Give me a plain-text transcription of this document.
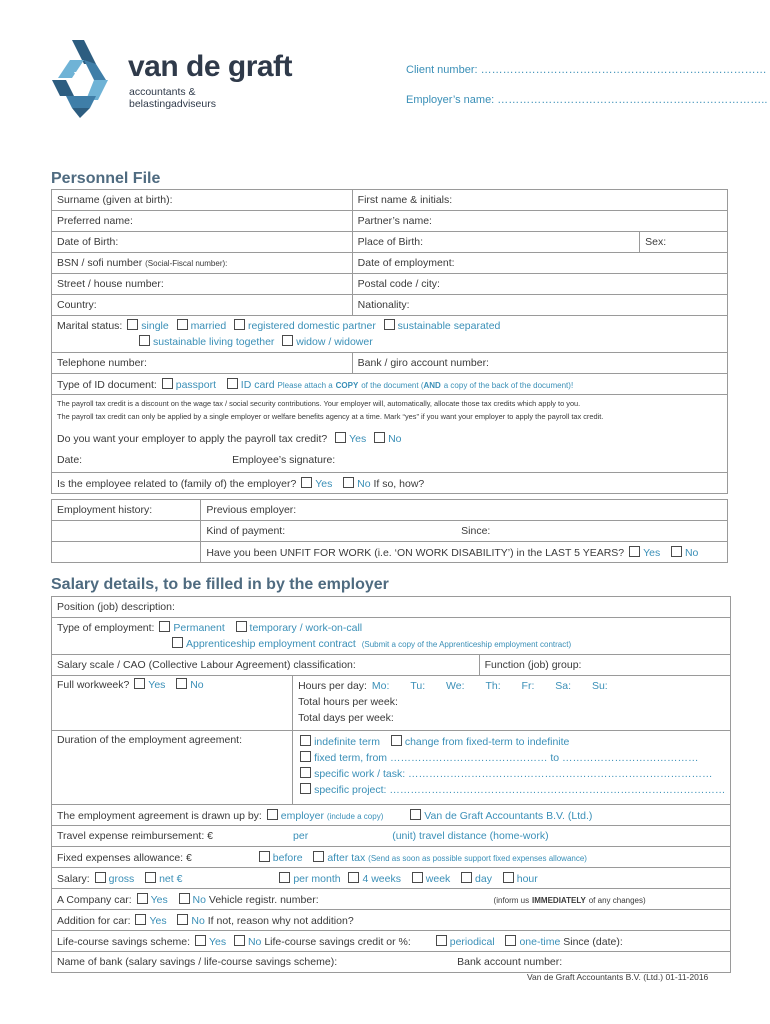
van de graft
accountants &
belastingadviseurs
Client number: ……………………………………………………………………
Employer’s name: ………………………………………………………………..
Personnel File
Surname (given at birth):	First name & initials:	
Preferred name:	Partner’s name:	
Date of Birth:	Place of Birth:	Sex:
BSN / sofi number (Social-Fiscal number):	Date of employment:	
Street / house number:	Postal code / city:	
Country:	Nationality:	
Marital status: single married registered domestic partner sustainable separated
sustainable living together widow / widower		
Telephone number:	Bank / giro account number:	
Type of ID document: passport ID card Please attach a COPY of the document (AND a copy of the back of the document)!		

The payroll tax credit is a discount on the wage tax / social security contributions. Your employer will, automatically, allocate those tax credits which apply to you.
The payroll tax credit can only be applied by a single employer or welfare benefits agency at a time. Mark “yes” if you want your employer to apply the payroll tax credit.
Do you want your employer to apply the payroll tax credit? Yes No
Date: Employee’s signature:		

Is the employee related to (family of) the employer? Yes No If so, how?		
Employment history:	Previous employer:
	Kind of payment: Since:
	Have you been UNFIT FOR WORK (i.e. ‘ON WORK DISABILITY’) in the LAST 5 YEARS? Yes No
Salary details, to be filled in by the employer
Position (job) description:		
Type of employment: Permanent temporary / work-on-call
Apprenticeship employment contract (Submit a copy of the Apprenticeship employment contract)		
Salary scale / CAO (Collective Labour Agreement) classification:		Function (job) group:
Full workweek? Yes No	Hours per day: Mo: Tu: We: Th: Fr: Sa: Su:
Total hours per week:
Total days per week:	

Duration of the employment agreement:	indefinite term change from fixed-term to indefinite
fixed term, from ……………………………………… to …………………………………
specific work / task: ……………………………………………………………………………
specific project: ……………………………………………………………………………………	

The employment agreement is drawn up by: employer (include a copy) Van de Graft Accountants B.V. (Ltd.)		
Travel expense reimbursement: € per (unit) travel distance (home-work)		
Fixed expenses allowance: € before after tax (Send as soon as possible support fixed expenses allowance)		
Salary: gross net € per month 4 weeks week day hour		
A Company car: Yes No Vehicle registr. number: (inform us IMMEDIATELY of any changes)		
Addition for car: Yes No If not, reason why not addition?		
Life-course savings scheme: Yes No Life-course savings credit or %: periodical one-time Since (date):		
Name of bank (salary savings / life-course savings scheme): Bank account number:		
Van de Graft Accountants B.V. (Ltd.) 01-11-2016
